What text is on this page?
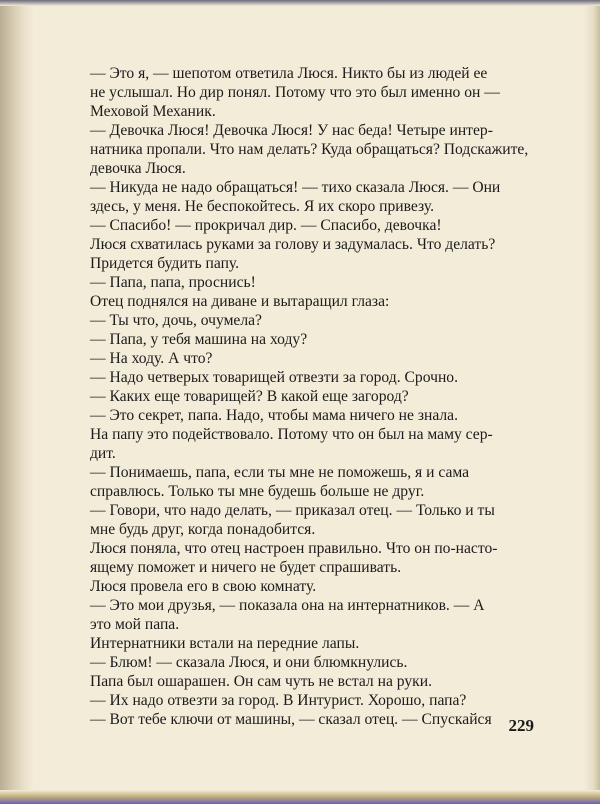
— Это я, — шепотом ответила Люся. Никто бы из людей ее

не услышал. Но дир понял. Потому что это был именно он —

Меховой Механик.

— Девочка Люся! Девочка Люся! У нас беда! Четыре интер-

натника пропали. Что нам делать? Куда обращаться? Подскажите,

девочка Люся.

— Никуда не надо обращаться! — тихо сказала Люся. — Они

здесь, у меня. Не беспокойтесь. Я их скоро привезу.

— Спасибо! — прокричал дир. — Спасибо, девочка!

Люся схватилась руками за голову и задумалась. Что делать?

Придется будить папу.

— Папа, папа, проснись!

Отец поднялся на диване и вытаращил глаза:

— Ты что, дочь, очумела?

— Папа, у тебя машина на ходу?

— На ходу. А что?

— Надо четверых товарищей отвезти за город. Срочно.

— Каких еще товарищей? В какой еще загород?

— Это секрет, папа. Надо, чтобы мама ничего не знала.

На папу это подействовало. Потому что он был на маму сер-

дит.

— Понимаешь, папа, если ты мне не поможешь, я и сама

справлюсь. Только ты мне будешь больше не друг.

— Говори, что надо делать, — приказал отец. — Только и ты

мне будь друг, когда понадобится.

Люся поняла, что отец настроен правильно. Что он по-насто-

ящему поможет и ничего не будет спрашивать.

Люся провела его в свою комнату.

— Это мои друзья, — показала она на интернатников. — А

это мой папа.

Интернатники встали на передние лапы.

— Блюм! — сказала Люся, и они блюмкнулись.

Папа был ошарашен. Он сам чуть не встал на руки.

— Их надо отвезти за город. В Интурист. Хорошо, папа?

— Вот тебе ключи от машины, — сказал отец. — Спускайся 229
